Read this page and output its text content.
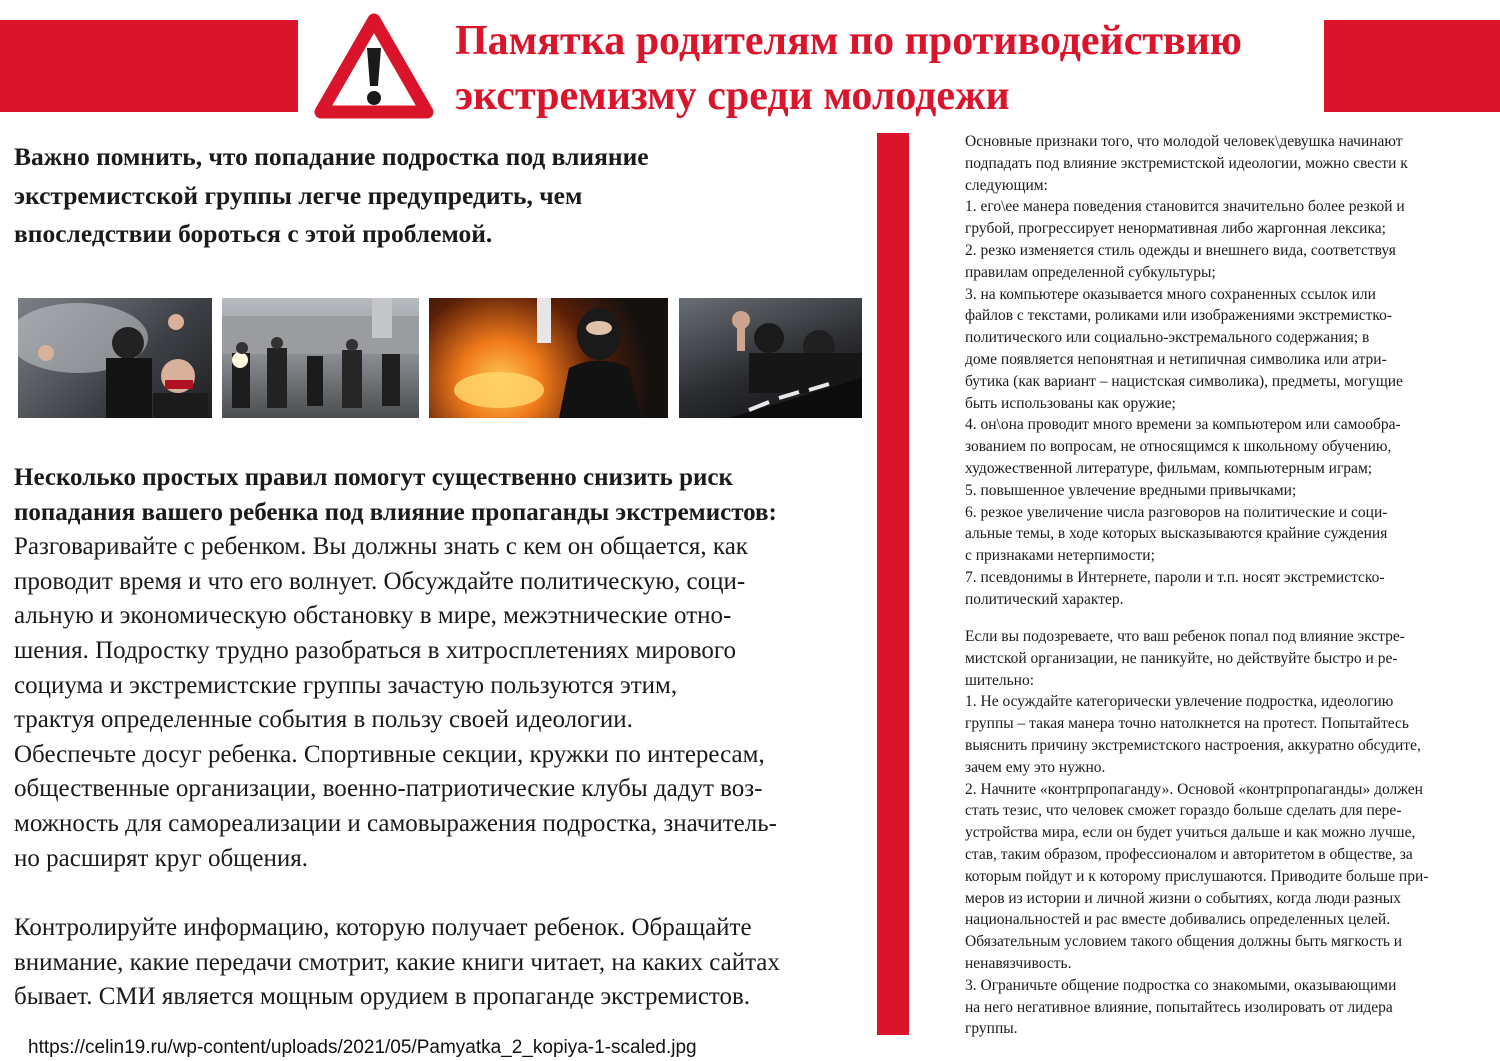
Памятка родителям по противодействию
экстремизму среди молодежи

Важно помнить, что попадание подростка под влияние
экстремистской группы легче предупредить, чем
впоследствии бороться с этой проблемой.

Несколько простых правил помогут существенно снизить риск
попадания вашего ребенка под влияние пропаганды экстремистов:
Разговаривайте с ребенком. Вы должны знать с кем он общается, как
проводит время и что его волнует. Обсуждайте политическую, соци-
альную и экономическую обстановку в мире, межэтнические отно-
шения. Подростку трудно разобраться в хитросплетениях мирового
социума и экстремистские группы зачастую пользуются этим,
трактуя определенные события в пользу своей идеологии.
Обеспечьте досуг ребенка. Спортивные секции, кружки по интересам,
общественные организации, военно-патриотические клубы дадут воз-
можность для самореализации и самовыражения подростка, значитель-
но расширят круг общения.

Контролируйте информацию, которую получает ребенок. Обращайте
внимание, какие передачи смотрит, какие книги читает, на каких сайтах
бывает. СМИ является мощным орудием в пропаганде экстремистов.

https://celin19.ru/wp-content/uploads/2021/05/Pamyatka_2_kopiya-1-scaled.jpg

Основные признаки того, что молодой человек\девушка начинают
подпадать под влияние экстремистской идеологии, можно свести к
следующим:
1. его\ее манера поведения становится значительно более резкой и
грубой, прогрессирует ненормативная либо жаргонная лексика;
2. резко изменяется стиль одежды и внешнего вида, соответствуя
правилам определенной субкультуры;
3. на компьютере оказывается много сохраненных ссылок или
файлов с текстами, роликами или изображениями экстремистко-
политического или социально-экстремального содержания; в
доме появляется непонятная и нетипичная символика или атри-
бутика (как вариант – нацистская символика), предметы, могущие
быть использованы как оружие;
4. он\она проводит много времени за компьютером или самообра-
зованием по вопросам, не относящимся к школьному обучению,
художественной литературе, фильмам, компьютерным играм;
5. повышенное увлечение вредными привычками;
6. резкое увеличение числа разговоров на политические и соци-
альные темы, в ходе которых высказываются крайние суждения
с признаками нетерпимости;
7. псевдонимы в Интернете, пароли и т.п. носят экстремистско-
политический характер.

Если вы подозреваете, что ваш ребенок попал под влияние экстре-
мистской организации, не паникуйте, но действуйте быстро и ре-
шительно:
1. Не осуждайте категорически увлечение подростка, идеологию
группы – такая манера точно натолкнется на протест. Попытайтесь
выяснить причину экстремистского настроения, аккуратно обсудите,
зачем ему это нужно.
2. Начните «контрпропаганду». Основой «контрпропаганды» должен
стать тезис, что человек сможет гораздо больше сделать для пере-
устройства мира, если он будет учиться дальше и как можно лучше,
став, таким образом, профессионалом и авторитетом в обществе, за
которым пойдут и к которому прислушаются. Приводите больше при-
меров из истории и личной жизни о событиях, когда люди разных
национальностей и рас вместе добивались определенных целей.
Обязательным условием такого общения должны быть мягкость и
ненавязчивость.
3. Ограничьте общение подростка со знакомыми, оказывающими
на него негативное влияние, попытайтесь изолировать от лидера
группы.
